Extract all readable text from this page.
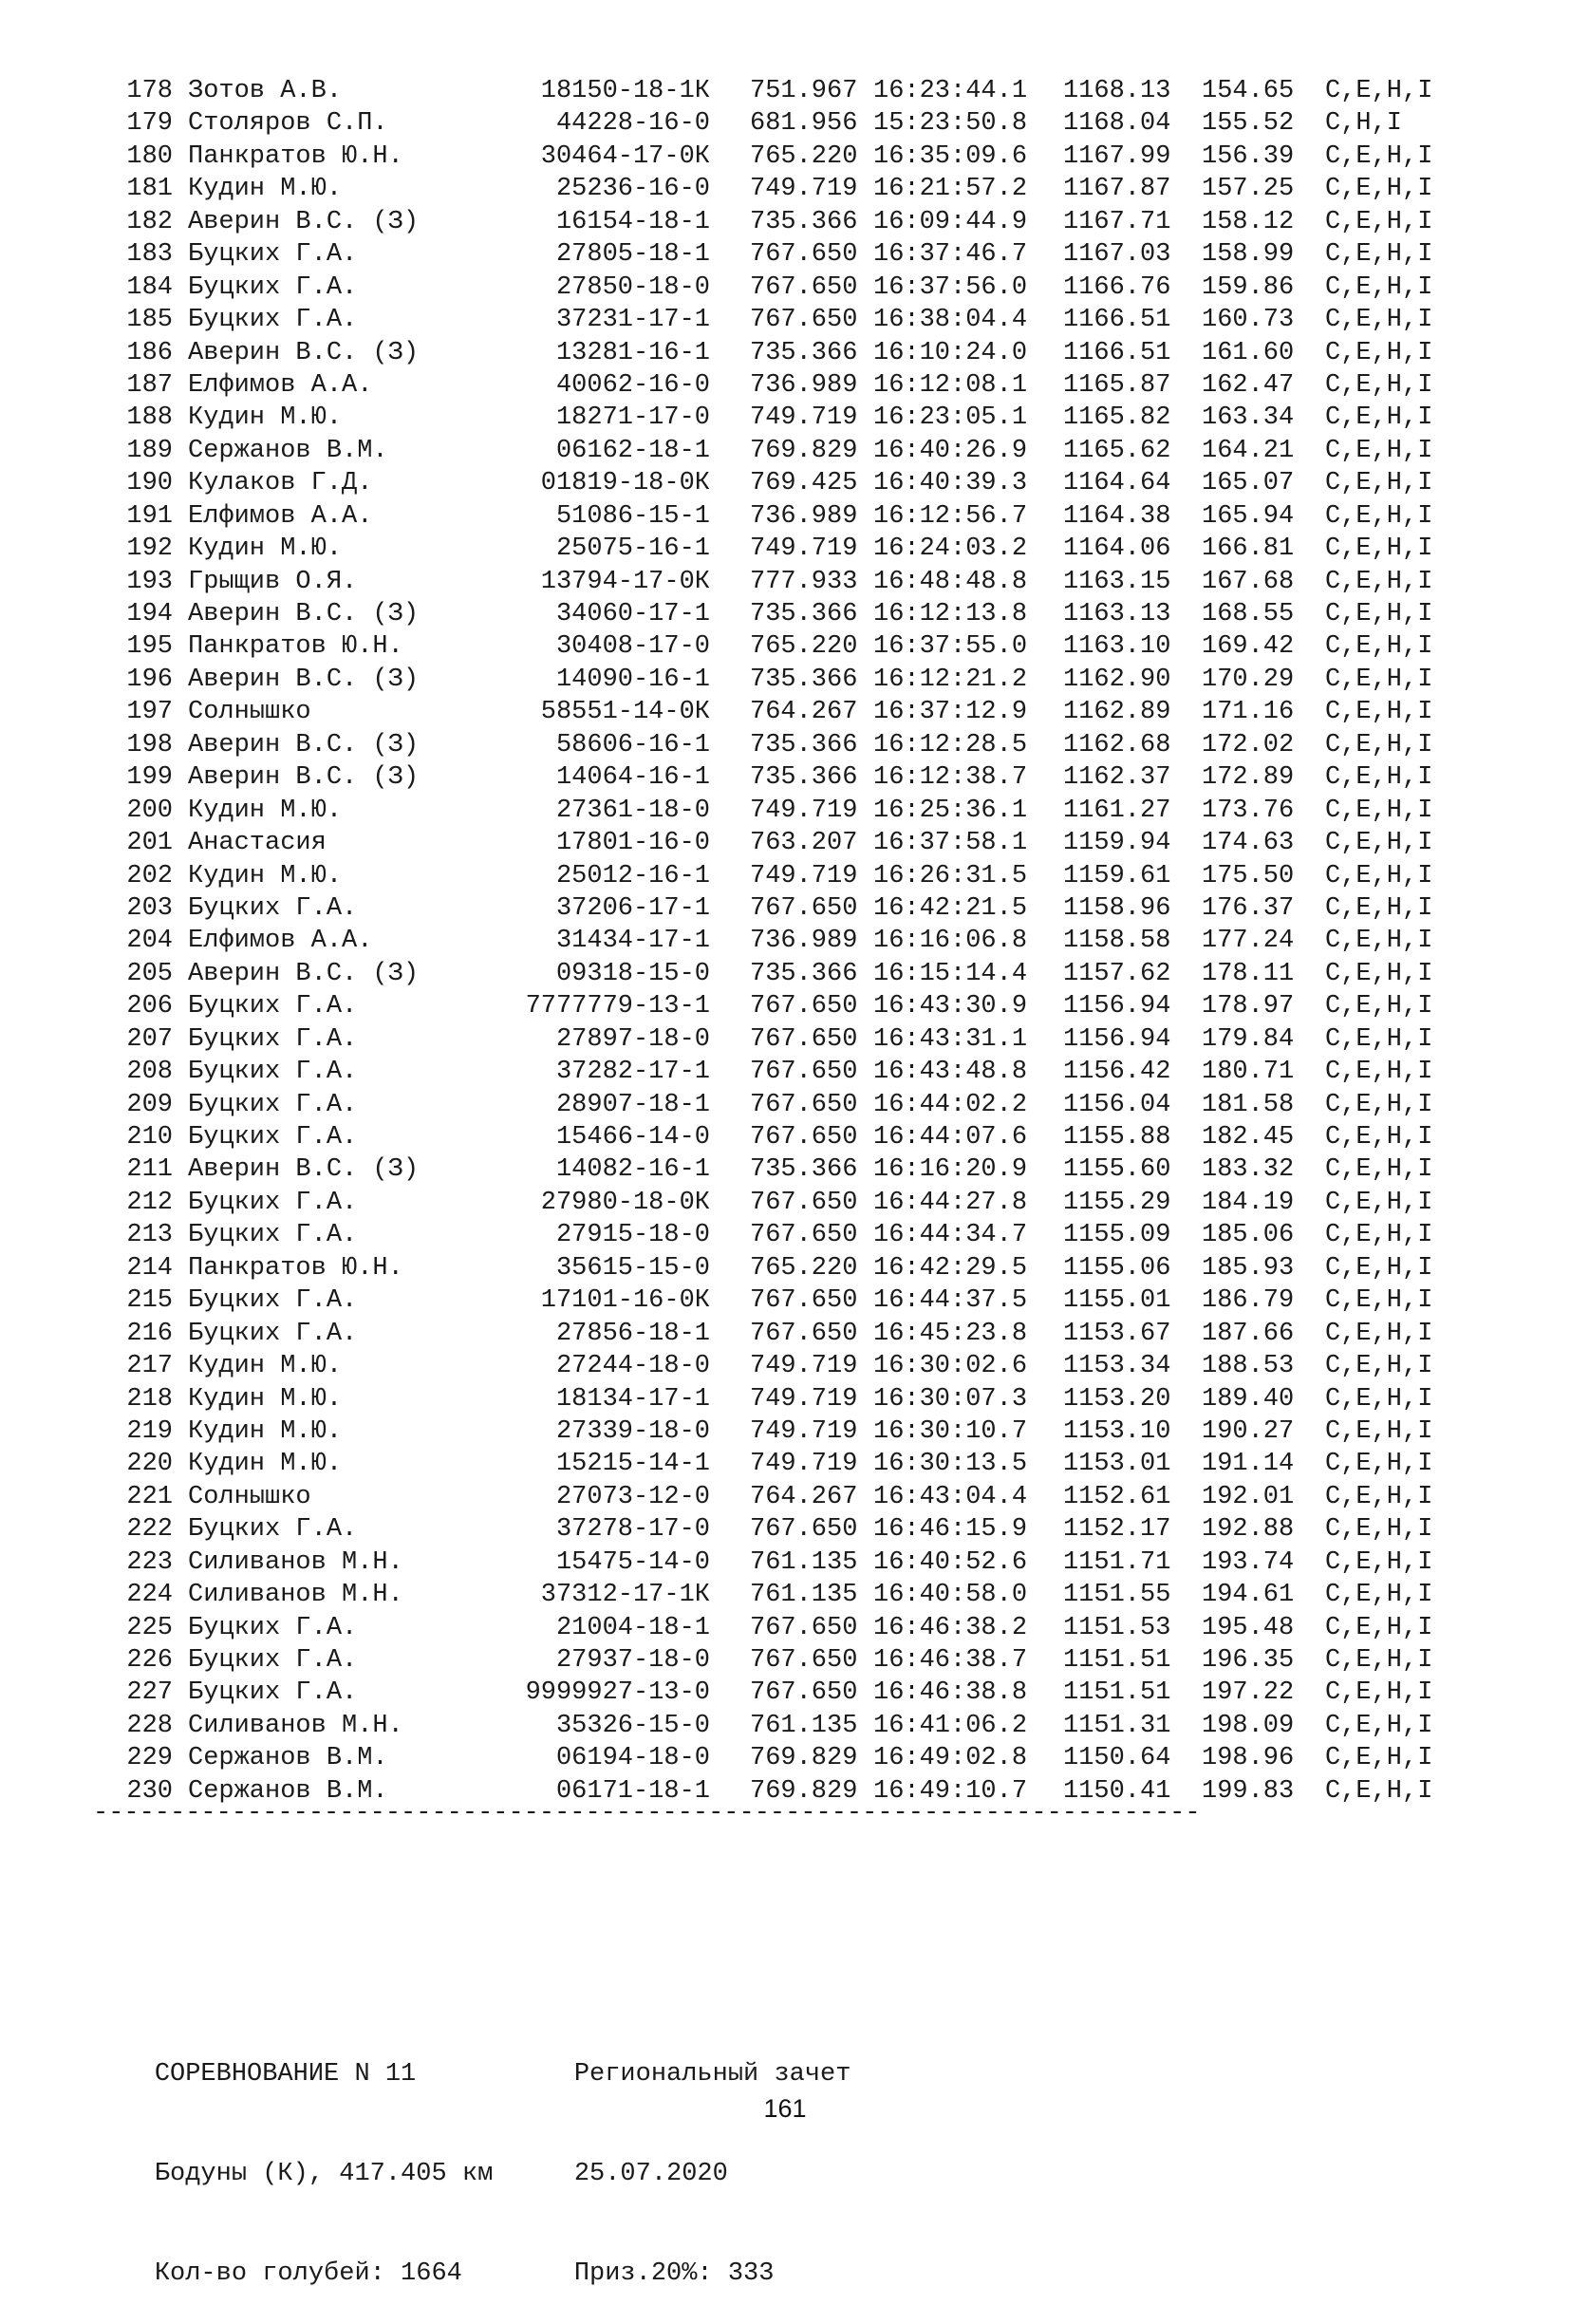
178 Зотов А.В.	18150-18-1К 751.967 16:23:44.1 1168.13 154.65 C,E,H,I
179 Столяров С.П.	44228-16-0 681.956 15:23:50.8 1168.04 155.52 C,H,I
180 Панкратов Ю.Н.	30464-17-0К 765.220 16:35:09.6 1167.99 156.39 C,E,H,I
181 Кудин М.Ю.	25236-16-0 749.719 16:21:57.2 1167.87 157.25 C,E,H,I
182 Аверин В.С. (З)	16154-18-1 735.366 16:09:44.9 1167.71 158.12 C,E,H,I
183 Буцких Г.А.	27805-18-1 767.650 16:37:46.7 1167.03 158.99 C,E,H,I
184 Буцких Г.А.	27850-18-0 767.650 16:37:56.0 1166.76 159.86 C,E,H,I
185 Буцких Г.А.	37231-17-1 767.650 16:38:04.4 1166.51 160.73 C,E,H,I
186 Аверин В.С. (З)	13281-16-1 735.366 16:10:24.0 1166.51 161.60 C,E,H,I
187 Елфимов А.А.	40062-16-0 736.989 16:12:08.1 1165.87 162.47 C,E,H,I
188 Кудин М.Ю.	18271-17-0 749.719 16:23:05.1 1165.82 163.34 C,E,H,I
189 Сержанов В.М.	06162-18-1 769.829 16:40:26.9 1165.62 164.21 C,E,H,I
190 Кулаков Г.Д.	01819-18-0К 769.425 16:40:39.3 1164.64 165.07 C,E,H,I
191 Елфимов А.А.	51086-15-1 736.989 16:12:56.7 1164.38 165.94 C,E,H,I
192 Кудин М.Ю.	25075-16-1 749.719 16:24:03.2 1164.06 166.81 C,E,H,I
193 Грыщив О.Я.	13794-17-0К 777.933 16:48:48.8 1163.15 167.68 C,E,H,I
194 Аверин В.С. (З)	34060-17-1 735.366 16:12:13.8 1163.13 168.55 C,E,H,I
195 Панкратов Ю.Н.	30408-17-0 765.220 16:37:55.0 1163.10 169.42 C,E,H,I
196 Аверин В.С. (З)	14090-16-1 735.366 16:12:21.2 1162.90 170.29 C,E,H,I
197 Солнышко	58551-14-0К 764.267 16:37:12.9 1162.89 171.16 C,E,H,I
198 Аверин В.С. (З)	58606-16-1 735.366 16:12:28.5 1162.68 172.02 C,E,H,I
199 Аверин В.С. (З)	14064-16-1 735.366 16:12:38.7 1162.37 172.89 C,E,H,I
200 Кудин М.Ю.	27361-18-0 749.719 16:25:36.1 1161.27 173.76 C,E,H,I
201 Анастасия	17801-16-0 763.207 16:37:58.1 1159.94 174.63 C,E,H,I
202 Кудин М.Ю.	25012-16-1 749.719 16:26:31.5 1159.61 175.50 C,E,H,I
203 Буцких Г.А.	37206-17-1 767.650 16:42:21.5 1158.96 176.37 C,E,H,I
204 Елфимов А.А.	31434-17-1 736.989 16:16:06.8 1158.58 177.24 C,E,H,I
205 Аверин В.С. (З)	09318-15-0 735.366 16:15:14.4 1157.62 178.11 C,E,H,I
206 Буцких Г.А.	7777779-13-1 767.650 16:43:30.9 1156.94 178.97 C,E,H,I
207 Буцких Г.А.	27897-18-0 767.650 16:43:31.1 1156.94 179.84 C,E,H,I
208 Буцких Г.А.	37282-17-1 767.650 16:43:48.8 1156.42 180.71 C,E,H,I
209 Буцких Г.А.	28907-18-1 767.650 16:44:02.2 1156.04 181.58 C,E,H,I
210 Буцких Г.А.	15466-14-0 767.650 16:44:07.6 1155.88 182.45 C,E,H,I
211 Аверин В.С. (З)	14082-16-1 735.366 16:16:20.9 1155.60 183.32 C,E,H,I
212 Буцких Г.А.	27980-18-0К 767.650 16:44:27.8 1155.29 184.19 C,E,H,I
213 Буцких Г.А.	27915-18-0 767.650 16:44:34.7 1155.09 185.06 C,E,H,I
214 Панкратов Ю.Н.	35615-15-0 765.220 16:42:29.5 1155.06 185.93 C,E,H,I
215 Буцких Г.А.	17101-16-0К 767.650 16:44:37.5 1155.01 186.79 C,E,H,I
216 Буцких Г.А.	27856-18-1 767.650 16:45:23.8 1153.67 187.66 C,E,H,I
217 Кудин М.Ю.	27244-18-0 749.719 16:30:02.6 1153.34 188.53 C,E,H,I
218 Кудин М.Ю.	18134-17-1 749.719 16:30:07.3 1153.20 189.40 C,E,H,I
219 Кудин М.Ю.	27339-18-0 749.719 16:30:10.7 1153.10 190.27 C,E,H,I
220 Кудин М.Ю.	15215-14-1 749.719 16:30:13.5 1153.01 191.14 C,E,H,I
221 Солнышко	27073-12-0 764.267 16:43:04.4 1152.61 192.01 C,E,H,I
222 Буцких Г.А.	37278-17-0 767.650 16:46:15.9 1152.17 192.88 C,E,H,I
223 Силиванов М.Н.	15475-14-0 761.135 16:40:52.6 1151.71 193.74 C,E,H,I
224 Силиванов М.Н.	37312-17-1К 761.135 16:40:58.0 1151.55 194.61 C,E,H,I
225 Буцких Г.А.	21004-18-1 767.650 16:46:38.2 1151.53 195.48 C,E,H,I
226 Буцких Г.А.	27937-18-0 767.650 16:46:38.7 1151.51 196.35 C,E,H,I
227 Буцких Г.А.	9999927-13-0 767.650 16:46:38.8 1151.51 197.22 C,E,H,I
228 Силиванов М.Н.	35326-15-0 761.135 16:41:06.2 1151.31 198.09 C,E,H,I
229 Сержанов В.М.	06194-18-0 769.829 16:49:02.8 1150.64 198.96 C,E,H,I
230 Сержанов В.М.	06171-18-1 769.829 16:49:10.7 1150.41 199.83 C,E,H,I
------------------------------------------------------------------------

СОРЕВНОВАНИЕ N 11	Региональный зачет

Бодуны (К), 417.405 км	25.07.2020

Кол-во голубей: 1664	Приз.20%: 333

161
